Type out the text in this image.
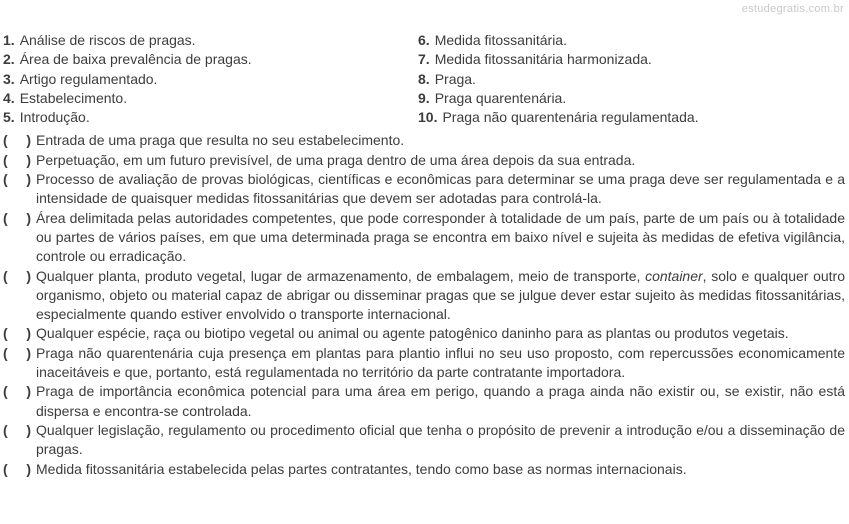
estudegratis.com.br
1. Análise de riscos de pragas.
2. Área de baixa prevalência de pragas.
3. Artigo regulamentado.
4. Estabelecimento.
5. Introdução.
6. Medida fitossanitária.
7. Medida fitossanitária harmonizada.
8. Praga.
9. Praga quarentenária.
10. Praga não quarentenária regulamentada.
( ) Entrada de uma praga que resulta no seu estabelecimento.
( ) Perpetuação, em um futuro previsível, de uma praga dentro de uma área depois da sua entrada.
( ) Processo de avaliação de provas biológicas, científicas e econômicas para determinar se uma praga deve ser regulamentada e a intensidade de quaisquer medidas fitossanitárias que devem ser adotadas para controlá-la.
( ) Área delimitada pelas autoridades competentes, que pode corresponder à totalidade de um país, parte de um país ou à totalidade ou partes de vários países, em que uma determinada praga se encontra em baixo nível e sujeita às medidas de efetiva vigilância, controle ou erradicação.
( ) Qualquer planta, produto vegetal, lugar de armazenamento, de embalagem, meio de transporte, container, solo e qualquer outro organismo, objeto ou material capaz de abrigar ou disseminar pragas que se julgue dever estar sujeito às medidas fitossanitárias, especialmente quando estiver envolvido o transporte internacional.
( ) Qualquer espécie, raça ou biotipo vegetal ou animal ou agente patogênico daninho para as plantas ou produtos vegetais.
( ) Praga não quarentenária cuja presença em plantas para plantio influi no seu uso proposto, com repercussões economicamente inaceitáveis e que, portanto, está regulamentada no território da parte contratante importadora.
( ) Praga de importância econômica potencial para uma área em perigo, quando a praga ainda não existir ou, se existir, não está dispersa e encontra-se controlada.
( ) Qualquer legislação, regulamento ou procedimento oficial que tenha o propósito de prevenir a introdução e/ou a disseminação de pragas.
( ) Medida fitossanitária estabelecida pelas partes contratantes, tendo como base as normas internacionais.
